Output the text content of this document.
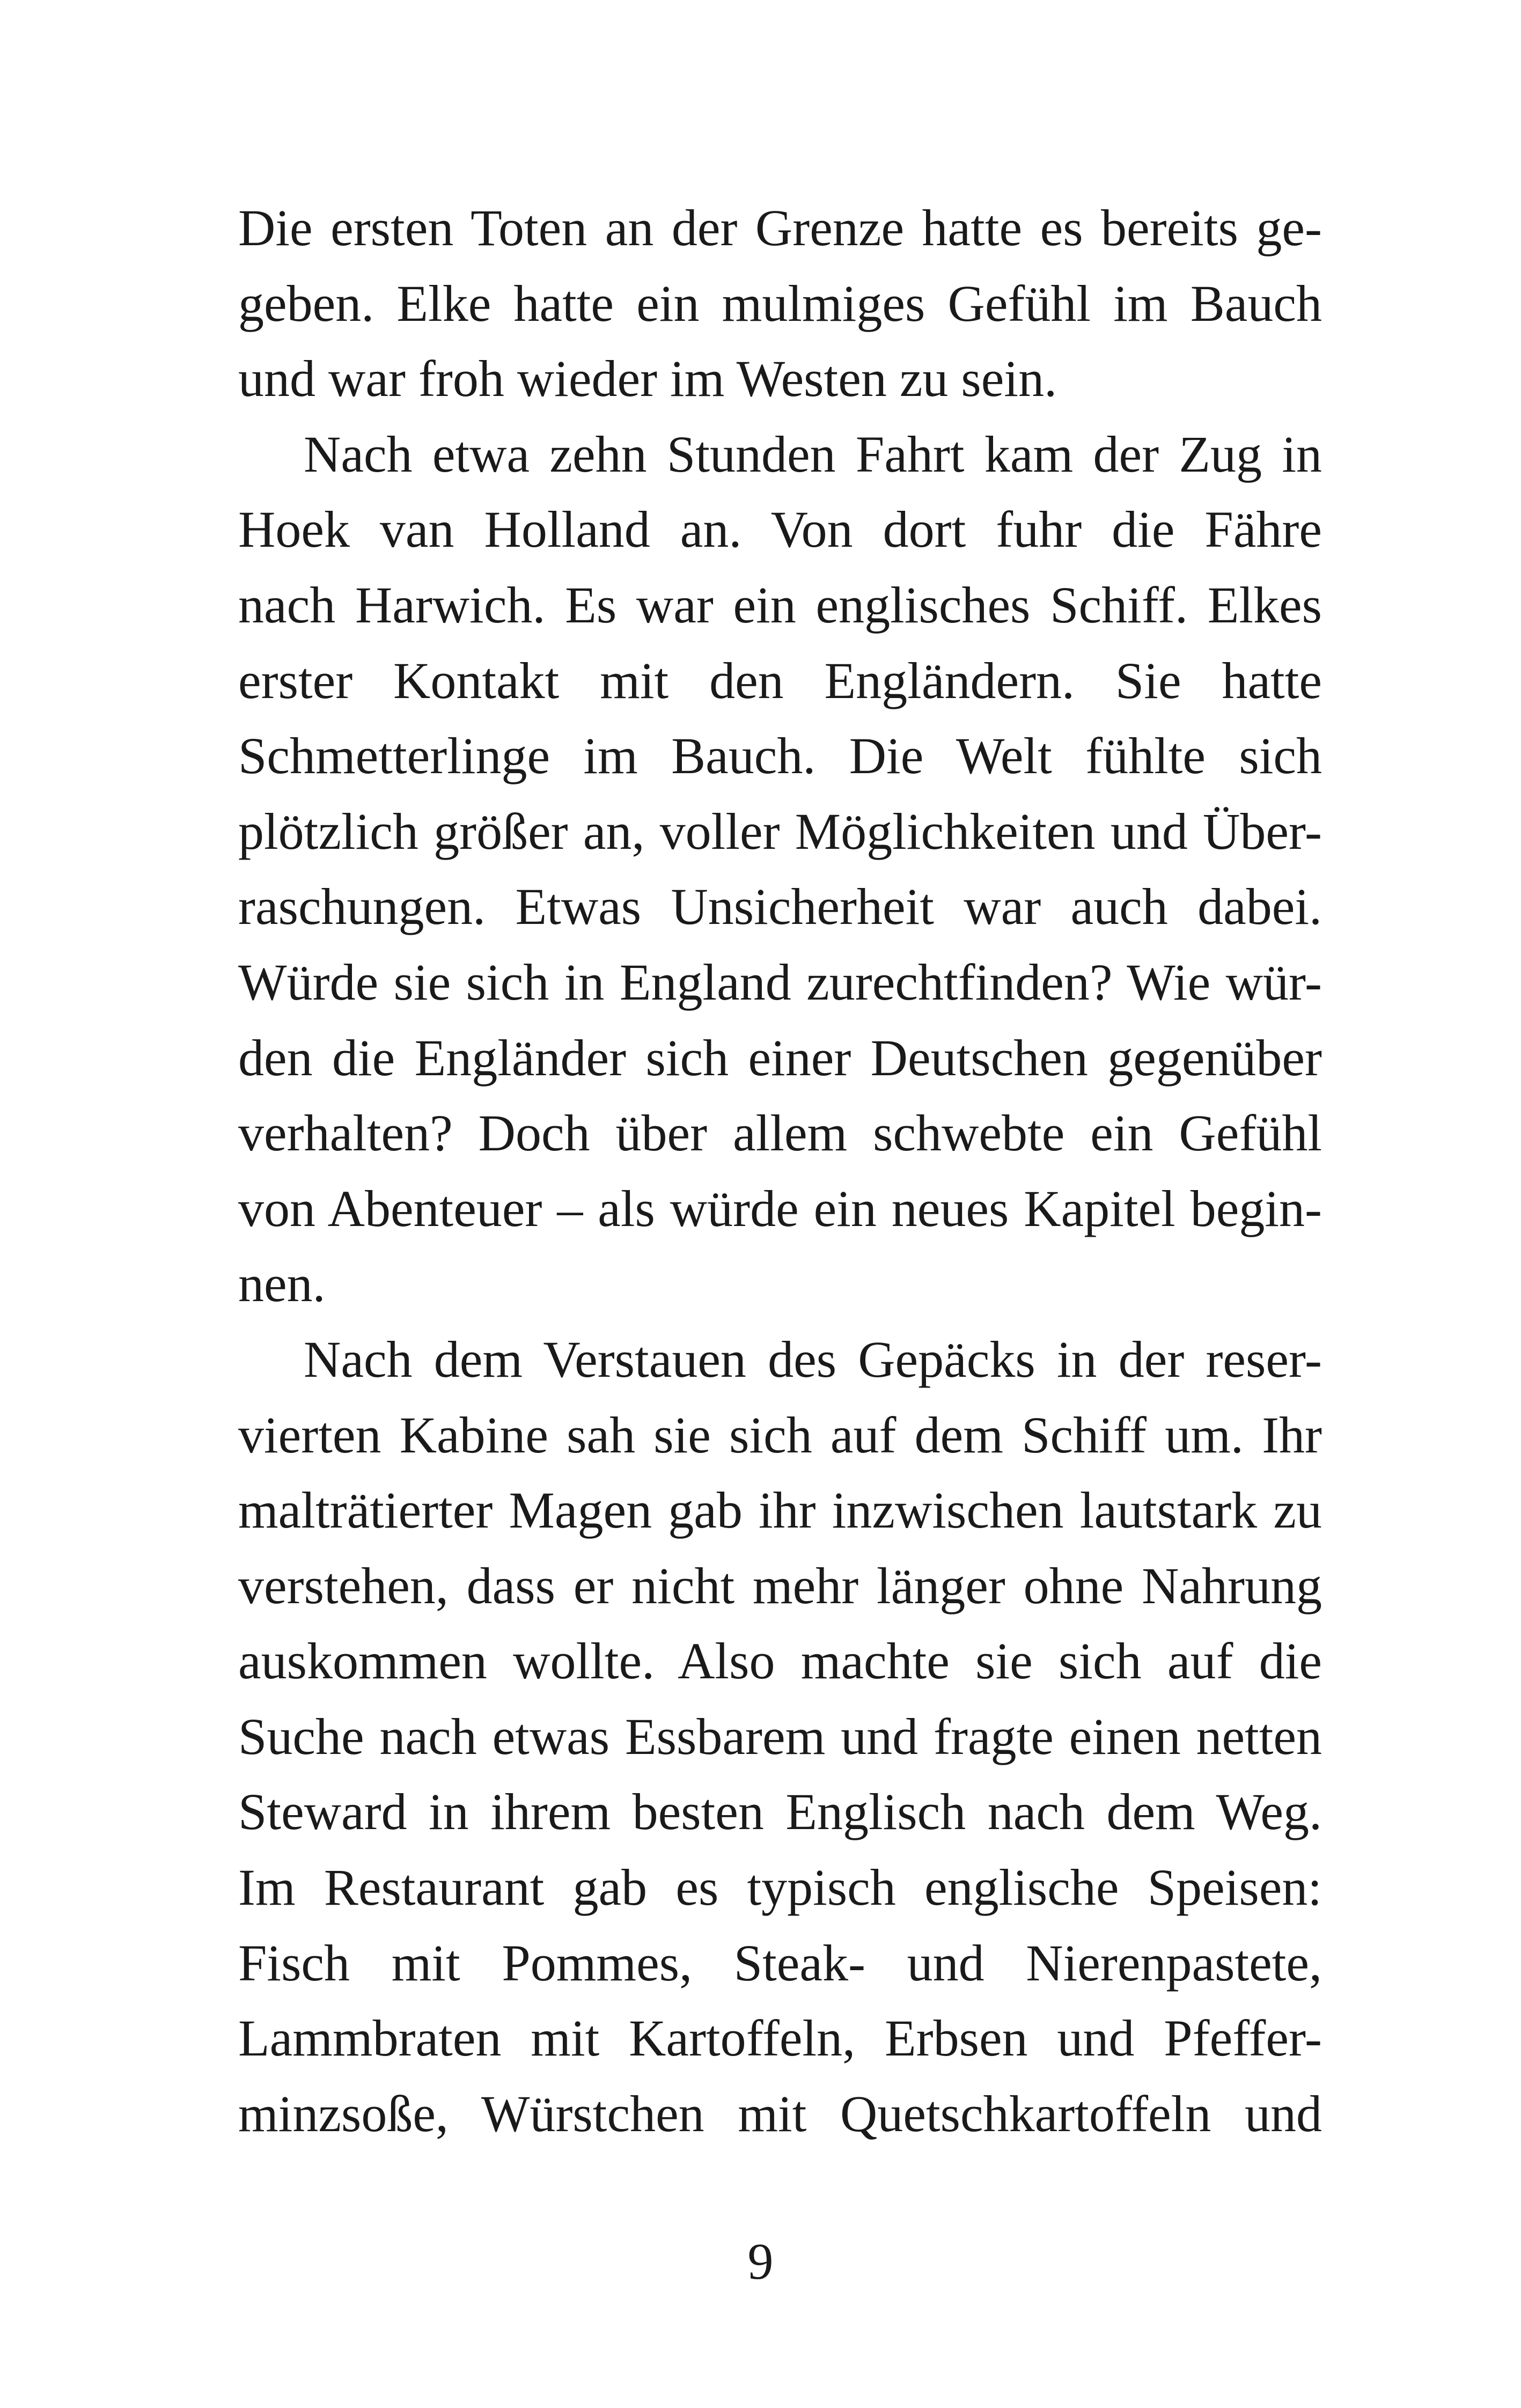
Die ersten Toten an der Grenze hatte es bereits ge-
geben. Elke hatte ein mulmiges Gefühl im Bauch
und war froh wieder im Westen zu sein.
Nach etwa zehn Stunden Fahrt kam der Zug in
Hoek van Holland an. Von dort fuhr die Fähre
nach Harwich. Es war ein englisches Schiff. Elkes
erster Kontakt mit den Engländern. Sie hatte
Schmetterlinge im Bauch. Die Welt fühlte sich
plötzlich größer an, voller Möglichkeiten und Über-
raschungen. Etwas Unsicherheit war auch dabei.
Würde sie sich in England zurechtfinden? Wie wür-
den die Engländer sich einer Deutschen gegenüber
verhalten? Doch über allem schwebte ein Gefühl
von Abenteuer – als würde ein neues Kapitel begin-
nen.
Nach dem Verstauen des Gepäcks in der reser-
vierten Kabine sah sie sich auf dem Schiff um. Ihr
malträtierter Magen gab ihr inzwischen lautstark zu
verstehen, dass er nicht mehr länger ohne Nahrung
auskommen wollte. Also machte sie sich auf die
Suche nach etwas Essbarem und fragte einen netten
Steward in ihrem besten Englisch nach dem Weg.
Im Restaurant gab es typisch englische Speisen:
Fisch mit Pommes, Steak- und Nierenpastete,
Lammbraten mit Kartoffeln, Erbsen und Pfeffer-
minzsoße, Würstchen mit Quetschkartoffeln und
9
